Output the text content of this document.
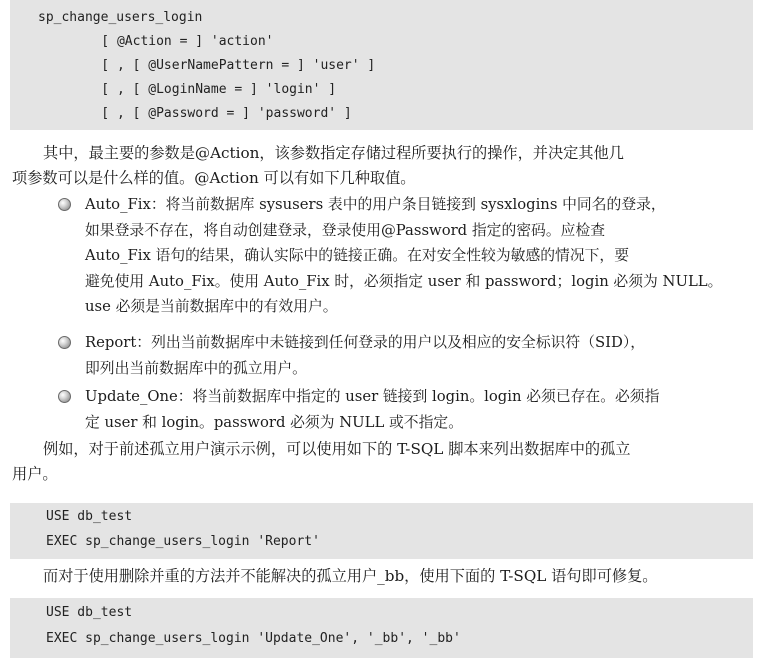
sp_change_users_login

[ @Action = ] 'action'

[ , [ @UserNamePattern = ] 'user' ]

[ , [ @LoginName = ] 'login' ]

[ , [ @Password = ] 'password' ]

其中，最主要的参数是@Action，该参数指定存储过程所要执行的操作，并决定其他几
项参数可以是什么样的值。@Action 可以有如下几种取值。
Auto_Fix：将当前数据库 sysusers 表中的用户条目链接到 sysxlogins 中同名的登录，
如果登录不存在，将自动创建登录，登录使用@Password 指定的密码。应检查
Auto_Fix 语句的结果，确认实际中的链接正确。在对安全性较为敏感的情况下，要
避免使用 Auto_Fix。使用 Auto_Fix 时，必须指定 user 和 password；login 必须为 NULL。
use 必须是当前数据库中的有效用户。
Report：列出当前数据库中未链接到任何登录的用户以及相应的安全标识符（SID），
即列出当前数据库中的孤立用户。
Update_One：将当前数据库中指定的 user 链接到 login。login 必须已存在。必须指
定 user 和 login。password 必须为 NULL 或不指定。
例如，对于前述孤立用户演示示例，可以使用如下的 T-SQL 脚本来列出数据库中的孤立
用户。

USE db_test

EXEC sp_change_users_login 'Report'

而对于使用删除并重的方法并不能解决的孤立用户_bb，使用下面的 T-SQL 语句即可修复。

USE db_test

EXEC sp_change_users_login 'Update_One', '_bb', '_bb'
